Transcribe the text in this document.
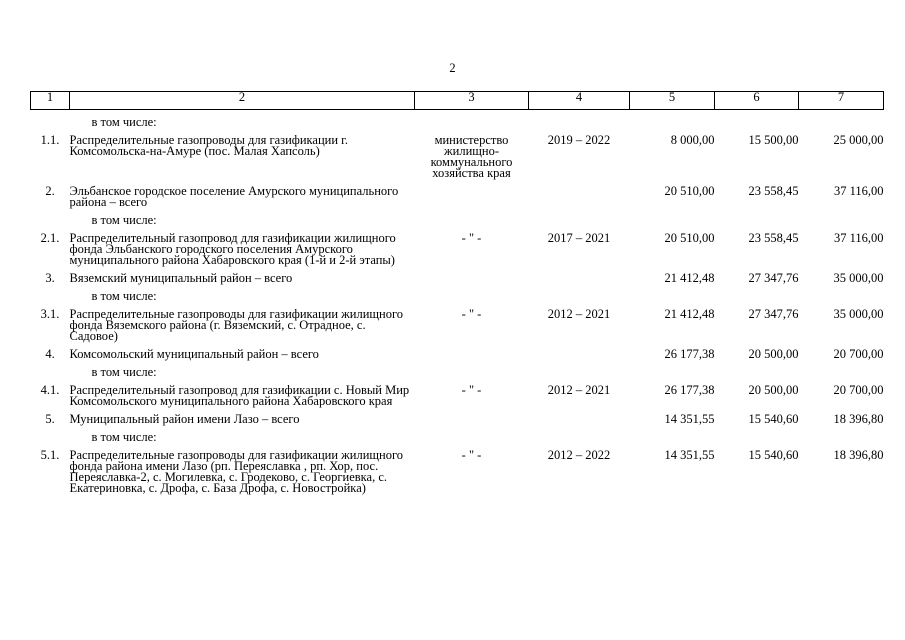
2
1	2	3	4	5	6	7
	в том числе:					
1.1.	Распределительные газопроводы для газификации г. Комсомольска-на-Амуре (пос. Малая Хапсоль)	министерство жилищно-коммунального хозяйства края	2019 – 2022	8 000,00	15 500,00	25 000,00
2.	Эльбанское городское поселение Амурского муниципального района – всего			20 510,00	23 558,45	37 116,00
	в том числе:					
2.1.	Распределительный газопровод для газификации жилищного фонда Эльбанского городского поселения Амурского муниципального района Хабаровского края (1-й и 2-й этапы)	- " -	2017 – 2021	20 510,00	23 558,45	37 116,00
3.	Вяземский муниципальный район – всего			21 412,48	27 347,76	35 000,00
	в том числе:					
3.1.	Распределительные газопроводы для газификации жилищного фонда Вяземского района (г. Вяземский, с. Отрадное, с. Садовое)	- " -	2012 – 2021	21 412,48	27 347,76	35 000,00
4.	Комсомольский муниципальный район – всего			26 177,38	20 500,00	20 700,00
	в том числе:					
4.1.	Распределительный газопровод для газификации с. Новый Мир Комсомольского муниципального района Хабаровского края	- " -	2012 – 2021	26 177,38	20 500,00	20 700,00
5.	Муниципальный район имени Лазо – всего			14 351,55	15 540,60	18 396,80
	в том числе:					
5.1.	Распределительные газопроводы для газификации жилищного фонда района имени Лазо (рп. Переяславка , рп. Хор, пос. Переяславка-2, с. Могилевка, с. Гродеково, с. Георгиевка, с. Екатериновка, с. Дрофа, с. База Дрофа, с. Новостройка)	- " -	2012 – 2022	14 351,55	15 540,60	18 396,80
